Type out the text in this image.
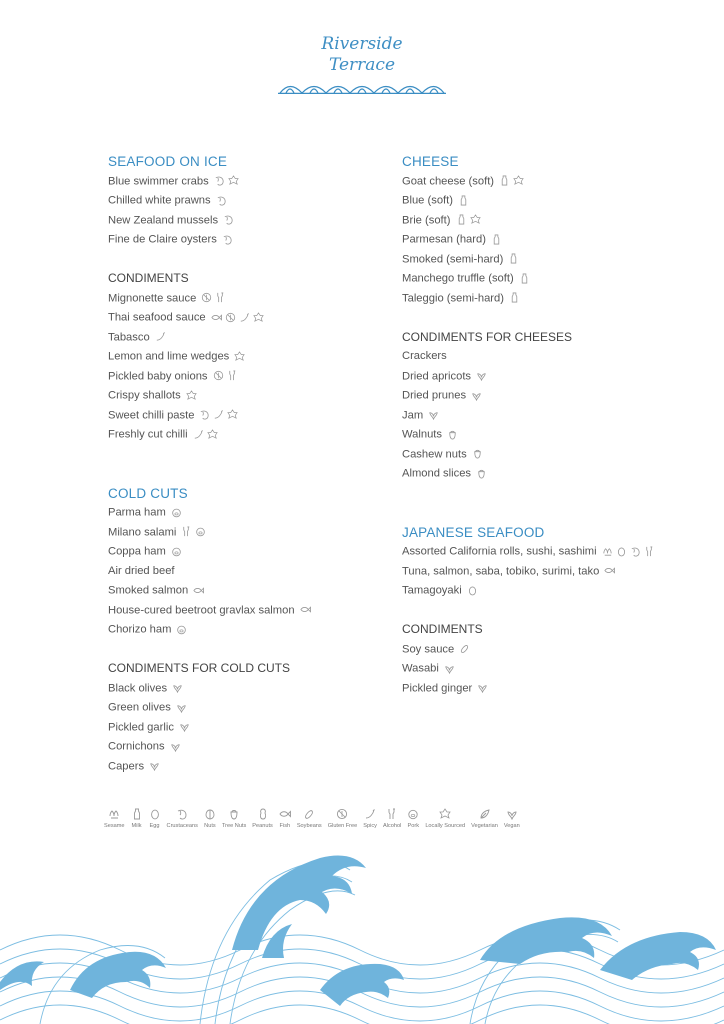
Riverside
Terrace
SEAFOOD ON ICE
Blue swimmer crabs
Chilled white prawns
New Zealand mussels
Fine de Claire oysters
CONDIMENTS
Mignonette sauce
Thai seafood sauce
Tabasco
Lemon and lime wedges
Pickled baby onions
Crispy shallots
Sweet chilli paste
Freshly cut chilli
COLD CUTS
Parma ham
Milano salami
Coppa ham
Air dried beef
Smoked salmon
House-cured beetroot gravlax salmon
Chorizo ham
CONDIMENTS FOR COLD CUTS
Black olives
Green olives
Pickled garlic
Cornichons
Capers
CHEESE
Goat cheese (soft)
Blue (soft)
Brie (soft)
Parmesan (hard)
Smoked (semi-hard)
Manchego truffle (soft)
Taleggio (semi-hard)
CONDIMENTS FOR CHEESES
Crackers
Dried apricots
Dried prunes
Jam
Walnuts
Cashew nuts
Almond slices
JAPANESE SEAFOOD
Assorted California rolls, sushi, sashimi
Tuna, salmon, saba, tobiko, surimi, tako
Tamagoyaki
CONDIMENTS
Soy sauce
Wasabi
Pickled ginger
Sesame Milk Egg Crustaceans Nuts Tree Nuts Peanuts Fish Soybeans Gluten Free Spicy Alcohol Pork Locally Sourced Vegetarian Vegan
